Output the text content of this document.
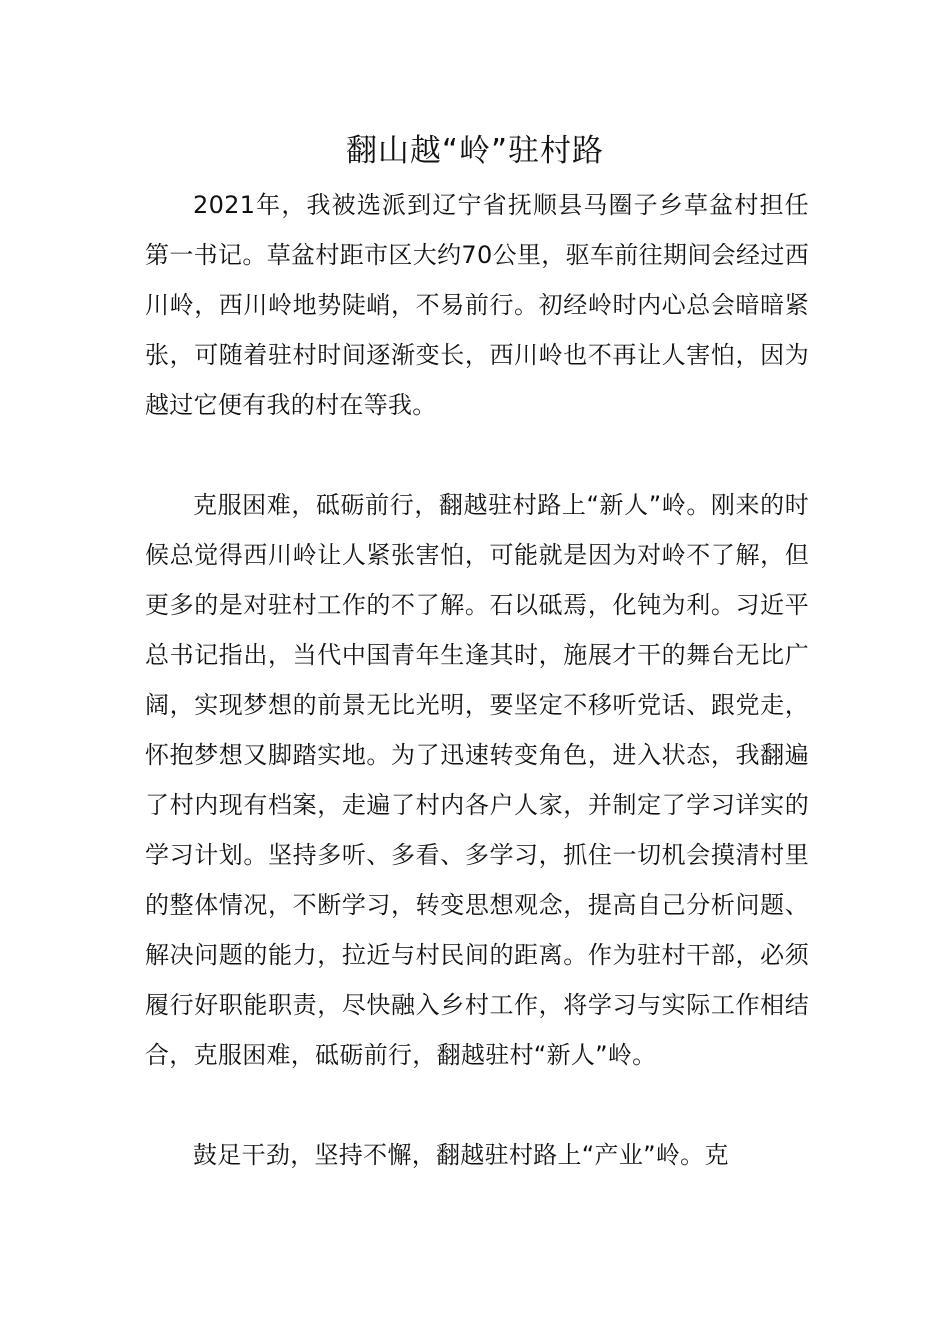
翻山越“岭”驻村路

2021年，我被选派到辽宁省抚顺县马圈子乡草盆村担任第一书记。草盆村距市区大约70公里，驱车前往期间会经过西川岭，西川岭地势陡峭，不易前行。初经岭时内心总会暗暗紧张，可随着驻村时间逐渐变长，西川岭也不再让人害怕，因为越过它便有我的村在等我。

克服困难，砥砺前行，翻越驻村路上“新人”岭。刚来的时候总觉得西川岭让人紧张害怕，可能就是因为对岭不了解，但更多的是对驻村工作的不了解。石以砥焉，化钝为利。习近平总书记指出，当代中国青年生逢其时，施展才干的舞台无比广阔，实现梦想的前景无比光明，要坚定不移听党话、跟党走，怀抱梦想又脚踏实地。为了迅速转变角色，进入状态，我翻遍了村内现有档案，走遍了村内各户人家，并制定了学习详实的学习计划。坚持多听、多看、多学习，抓住一切机会摸清村里的整体情况，不断学习，转变思想观念，提高自己分析问题、解决问题的能力，拉近与村民间的距离。作为驻村干部，必须履行好职能职责，尽快融入乡村工作，将学习与实际工作相结合，克服困难，砥砺前行，翻越驻村“新人”岭。

鼓足干劲，坚持不懈，翻越驻村路上“产业”岭。克
